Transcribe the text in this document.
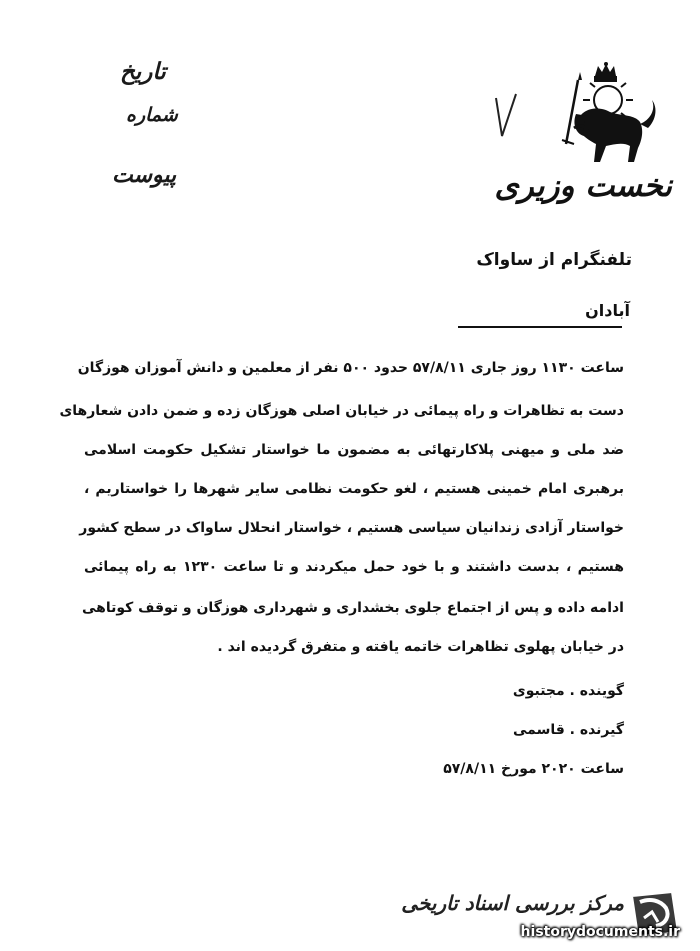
تاریخ
شماره
پیوست	نخست وزیری
تلفنگرام از ساواک
آبادان
ساعت ۱۱۳۰ روز جاری ۵۷/۸/۱۱ حدود ۵۰۰ نفر از معلمین و دانش آموزان هوزگان
دست به تظاهرات و راه پیمائی در خیابان اصلی هوزگان زده و ضمن دادن شعارهای
ضد ملی و میهنی پلاکارتهائی به مضمون ما خواستار تشکیل حکومت اسلامی
برهبری امام خمینی هستیم ، لغو حکومت نظامی سایر شهرها را خواستاریم ،
خواستار آزادی زندانیان سیاسی هستیم ، خواستار انحلال ساواک در سطح کشور
هستیم ، بدست داشتند و با خود حمل میکردند و تا ساعت ۱۲۳۰ به راه پیمائی
ادامه داده و پس از اجتماع جلوی بخشداری و شهرداری هوزگان و توقف کوتاهی
در خیابان پهلوی تظاهرات خاتمه یافته و متفرق گردیده اند .
گوینده . مجتبوی
گیرنده . قاسمی
ساعت ۲۰۲۰ مورخ ۵۷/۸/۱۱
مرکز بررسی اسناد تاریخی
historydocuments.ir
